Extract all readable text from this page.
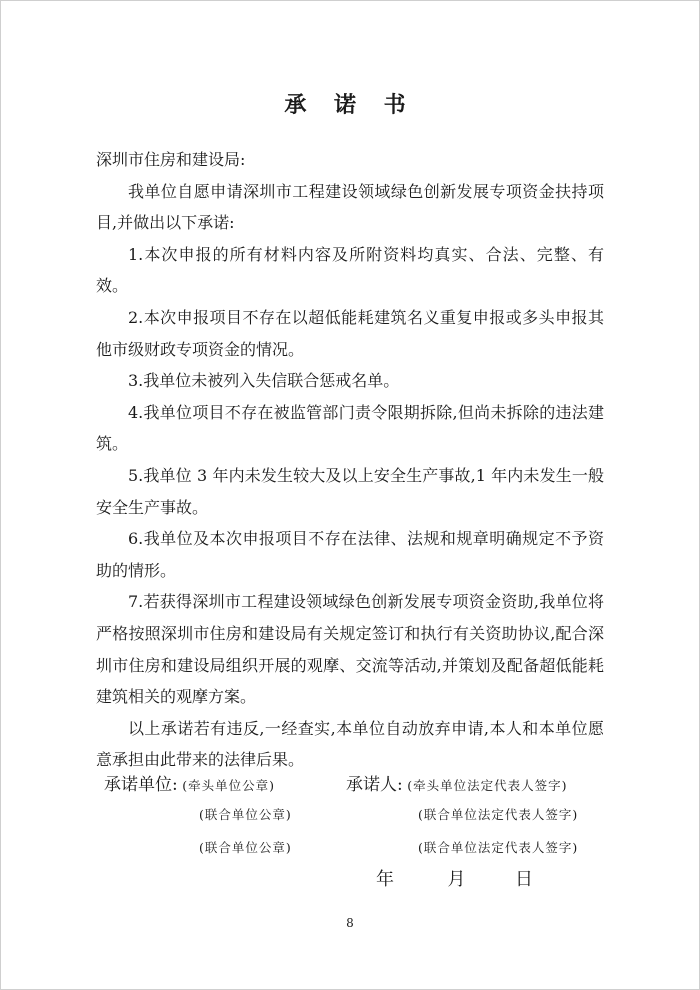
承 诺 书

深圳市住房和建设局:

我单位自愿申请深圳市工程建设领域绿色创新发展专项资金扶持项目,并做出以下承诺:

1.本次申报的所有材料内容及所附资料均真实、合法、完整、有效。

2.本次申报项目不存在以超低能耗建筑名义重复申报或多头申报其他市级财政专项资金的情况。

3.我单位未被列入失信联合惩戒名单。

4.我单位项目不存在被监管部门责令限期拆除,但尚未拆除的违法建筑。

5.我单位 3 年内未发生较大及以上安全生产事故,1 年内未发生一般安全生产事故。

6.我单位及本次申报项目不存在法律、法规和规章明确规定不予资助的情形。

7.若获得深圳市工程建设领域绿色创新发展专项资金资助,我单位将严格按照深圳市住房和建设局有关规定签订和执行有关资助协议,配合深圳市住房和建设局组织开展的观摩、交流等活动,并策划及配备超低能耗建筑相关的观摩方案。

以上承诺若有违反,一经查实,本单位自动放弃申请,本人和本单位愿意承担由此带来的法律后果。

承诺单位: (牵头单位公章)	承诺人: (牵头单位法定代表人签字)
(联合单位公章)	(联合单位法定代表人签字)
(联合单位公章)	(联合单位法定代表人签字)
年	月	日
8
